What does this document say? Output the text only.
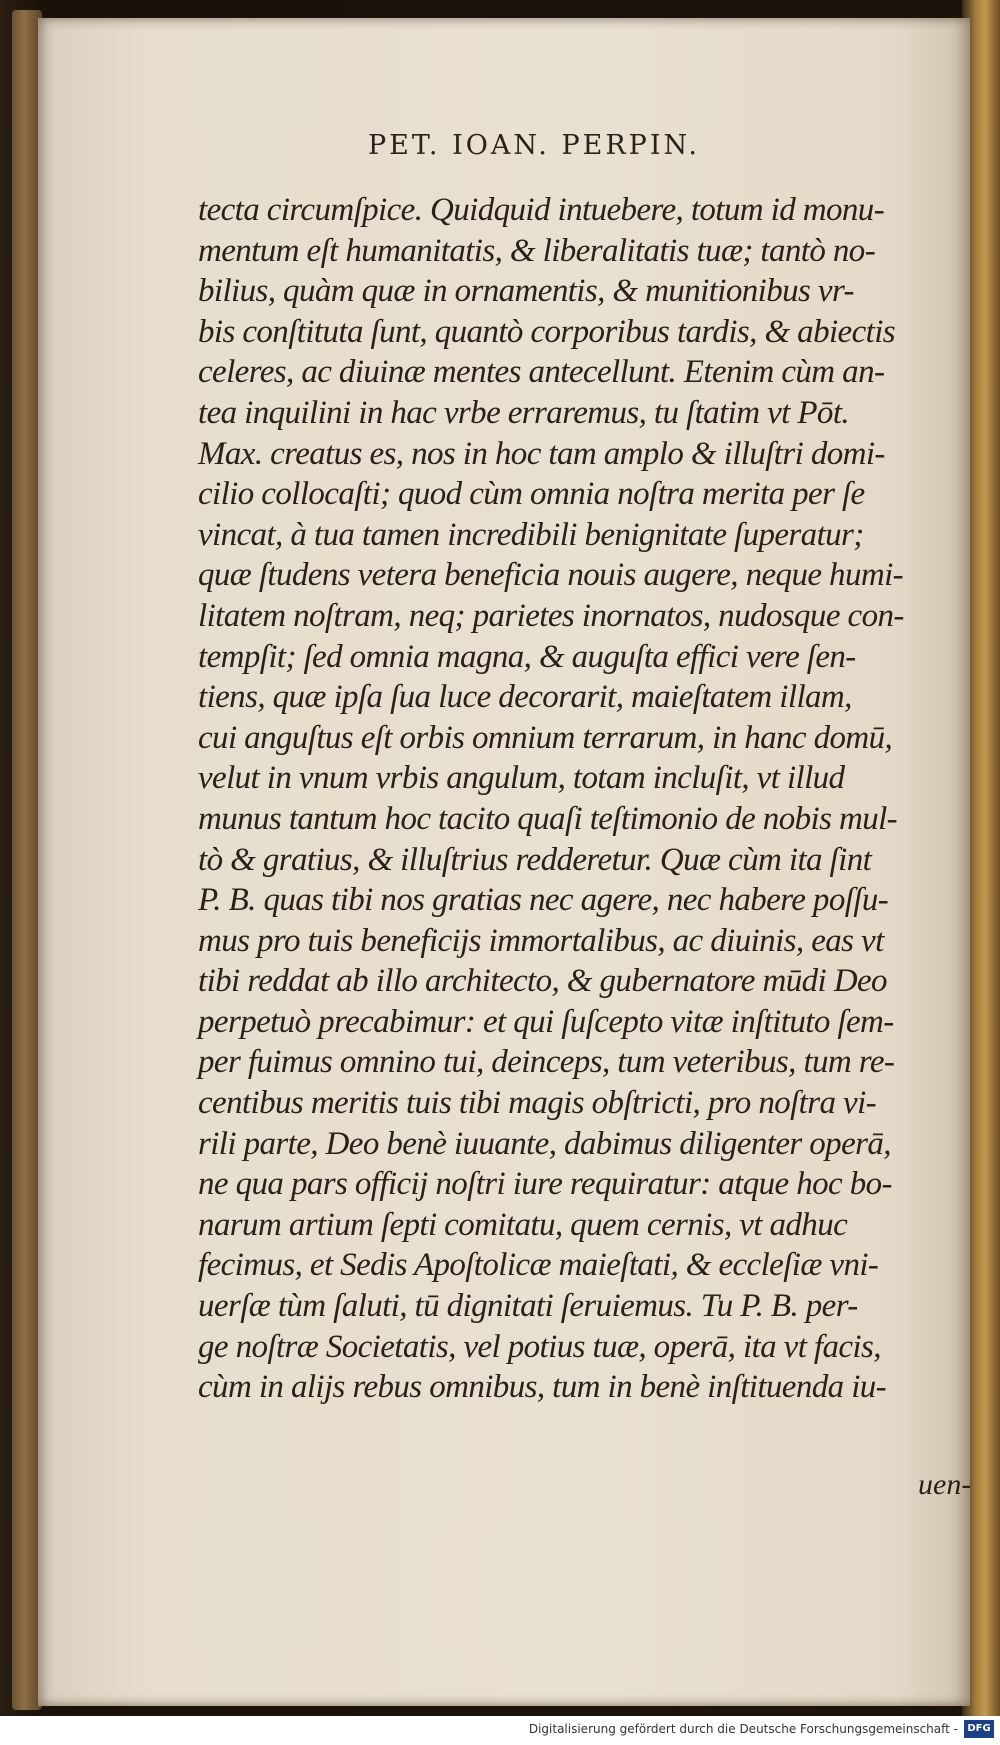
PET. IOAN. PERPIN.
tecta circumſpice. Quidquid intuebere, totum id monu-
mentum eſt humanitatis, & liberalitatis tuæ; tantò no-
bilius, quàm quæ in ornamentis, & munitionibus vr-
bis conſtituta ſunt, quantò corporibus tardis, & abiectis
celeres, ac diuinæ mentes antecellunt. Etenim cùm an-
tea inquilini in hac vrbe erraremus, tu ſtatim vt Pōt.
Max. creatus es, nos in hoc tam amplo & illuſtri domi-
cilio collocaſti; quod cùm omnia noſtra merita per ſe
vincat, à tua tamen incredibili benignitate ſuperatur;
quæ ſtudens vetera beneficia nouis augere, neque humi-
litatem noſtram, neq; parietes inornatos, nudosque con-
tempſit; ſed omnia magna, & auguſta effici vere ſen-
tiens, quæ ipſa ſua luce decorarit, maieſtatem illam,
cui anguſtus eſt orbis omnium terrarum, in hanc domū,
velut in vnum vrbis angulum, totam incluſit, vt illud
munus tantum hoc tacito quaſi teſtimonio de nobis mul-
tò & gratius, & illuſtrius redderetur. Quæ cùm ita ſint
P. B. quas tibi nos gratias nec agere, nec habere poſſu-
mus pro tuis beneficijs immortalibus, ac diuinis, eas vt
tibi reddat ab illo architecto, & gubernatore mūdi Deo
perpetuò precabimur: et qui ſuſcepto vitæ inſtituto ſem-
per fuimus omnino tui, deinceps, tum veteribus, tum re-
centibus meritis tuis tibi magis obſtricti, pro noſtra vi-
rili parte, Deo benè iuuante, dabimus diligenter operā,
ne qua pars officij noſtri iure requiratur: atque hoc bo-
narum artium ſepti comitatu, quem cernis, vt adhuc
fecimus, et Sedis Apoſtolicæ maieſtati, & eccleſiæ vni-
uerſæ tùm ſaluti, tū dignitati ſeruiemus. Tu P. B. per-
ge noſtræ Societatis, vel potius tuæ, operā, ita vt facis,
cùm in alijs rebus omnibus, tum in benè inſtituenda iu-
uen-
Digitalisierung gefördert durch die Deutsche Forschungsgemeinschaft - DFG
